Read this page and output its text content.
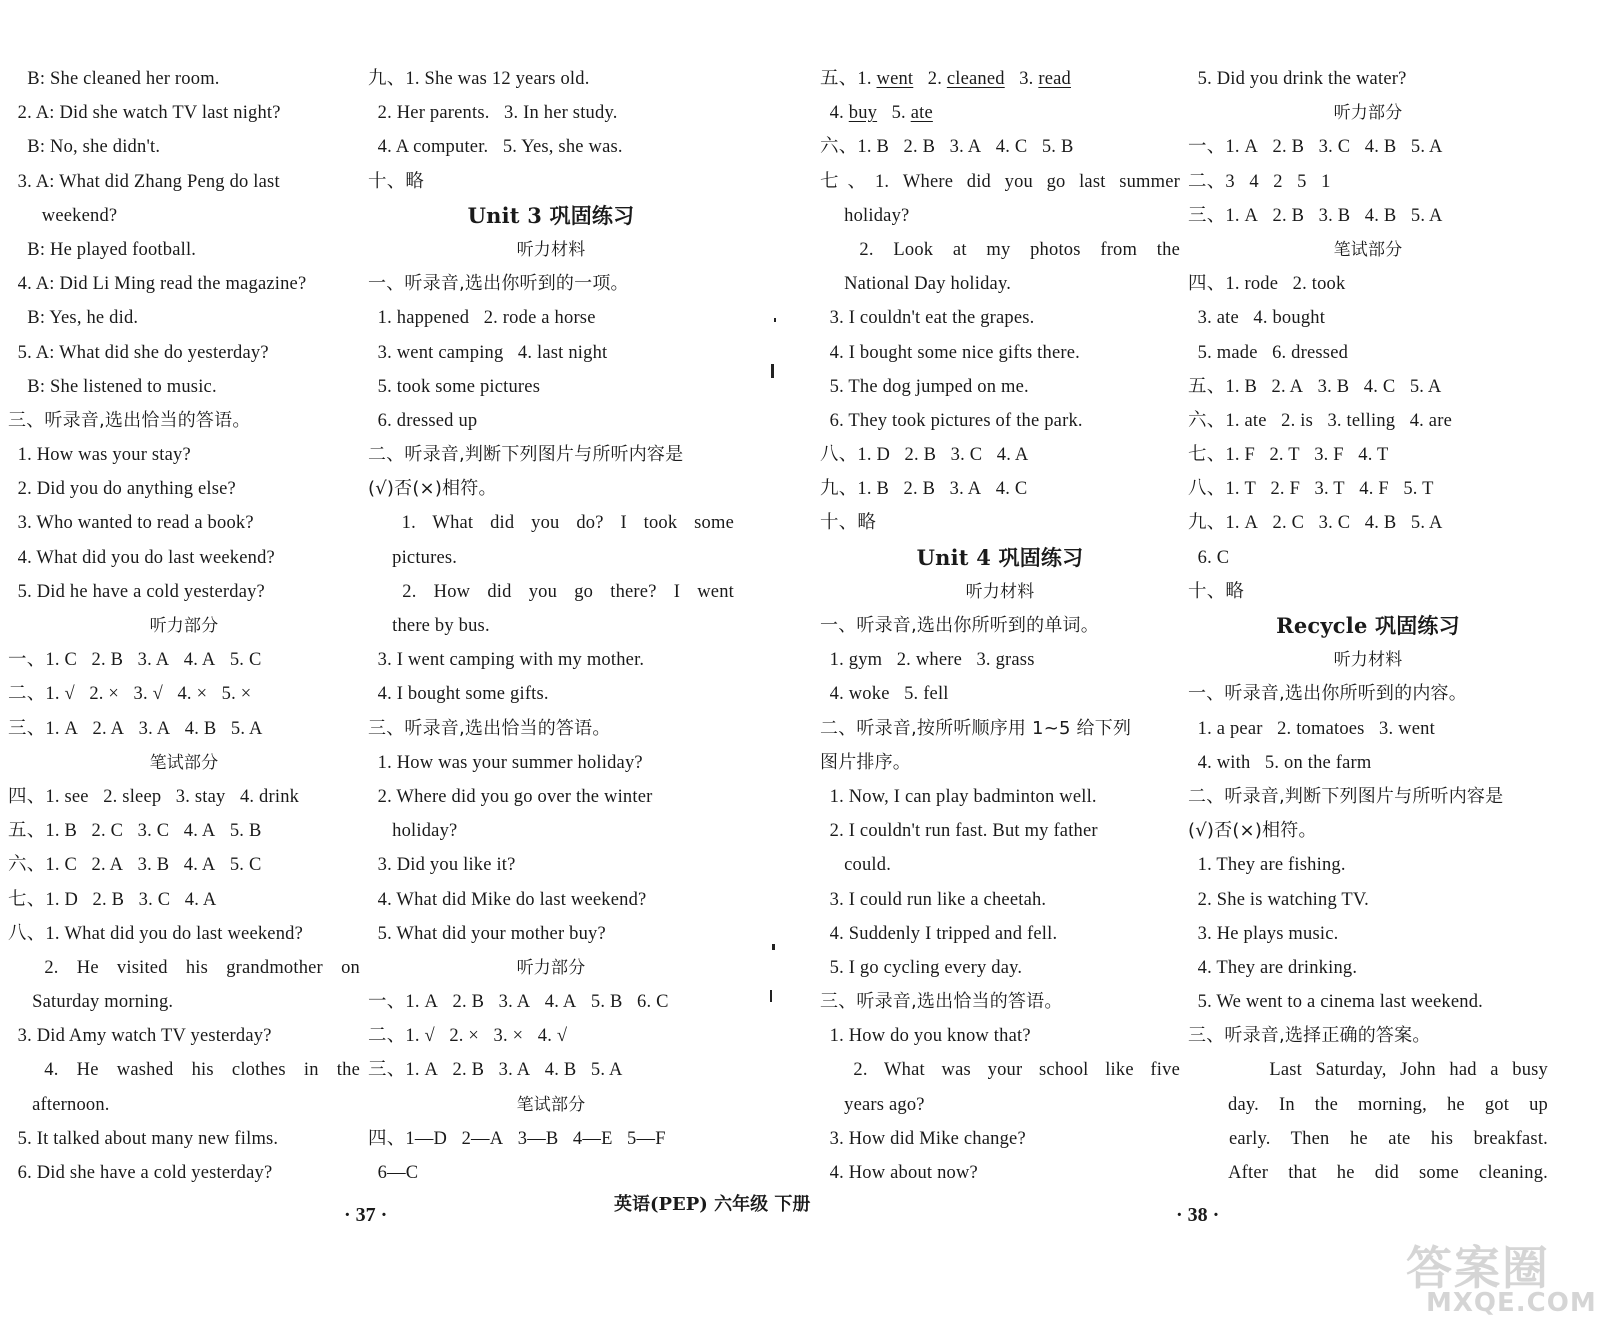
B: She cleaned her room.
2. A: Did she watch TV last night?
B: No, she didn't.
3. A: What did Zhang Peng do last
weekend?
B: He played football.
4. A: Did Li Ming read the magazine?
B: Yes, he did.
5. A: What did she do yesterday?
B: She listened to music.
三、听录音,选出恰当的答语。
1. How was your stay?
2. Did you do anything else?
3. Who wanted to read a book?
4. What did you do last weekend?
5. Did he have a cold yesterday?
听力部分
一、1. C   2. B   3. A   4. A   5. C
二、1. √   2. ×   3. √   4. ×   5. ×
三、1. A   2. A   3. A   4. B   5. A
笔试部分
四、1. see   2. sleep   3. stay   4. drink
五、1. B   2. C   3. C   4. A   5. B
六、1. C   2. A   3. B   4. A   5. C
七、1. D   2. B   3. C   4. A
八、1. What did you do last weekend?
2. He visited his grandmother on
Saturday morning.
3. Did Amy watch TV yesterday?
4. He washed his clothes in the
afternoon.
5. It talked about many new films.
6. Did she have a cold yesterday?
九、1. She was 12 years old.
2. Her parents.   3. In her study.
4. A computer.   5. Yes, she was.
十、略
Unit 3 巩固练习
听力材料
一、听录音,选出你听到的一项。
1. happened   2. rode a horse
3. went camping   4. last night
5. took some pictures
6. dressed up
二、听录音,判断下列图片与所听内容是
(√)否(×)相符。
1. What did you do? I took some
pictures.
2. How did you go there? I went
there by bus.
3. I went camping with my mother.
4. I bought some gifts.
三、听录音,选出恰当的答语。
1. How was your summer holiday?
2. Where did you go over the winter
holiday?
3. Did you like it?
4. What did Mike do last weekend?
5. What did your mother buy?
听力部分
一、1. A   2. B   3. A   4. A   5. B   6. C
二、1. √   2. ×   3. ×   4. √
三、1. A   2. B   3. A   4. B   5. A
笔试部分
四、1—D   2—A   3—B   4—E   5—F
6—C
五、1. went   2. cleaned   3. read
4. buy   5. ate
六、1. B   2. B   3. A   4. C   5. B
七、1. Where did you go last summer
holiday?
2. Look at my photos from the
National Day holiday.
3. I couldn't eat the grapes.
4. I bought some nice gifts there.
5. The dog jumped on me.
6. They took pictures of the park.
八、1. D   2. B   3. C   4. A
九、1. B   2. B   3. A   4. C
十、略
Unit 4 巩固练习
听力材料
一、听录音,选出你所听到的单词。
1. gym   2. where   3. grass
4. woke   5. fell
二、听录音,按所听顺序用 1~5 给下列
图片排序。
1. Now, I can play badminton well.
2. I couldn't run fast. But my father
could.
3. I could run like a cheetah.
4. Suddenly I tripped and fell.
5. I go cycling every day.
三、听录音,选出恰当的答语。
1. How do you know that?
2. What was your school like five
years ago?
3. How did Mike change?
4. How about now?
5. Did you drink the water?
听力部分
一、1. A   2. B   3. C   4. B   5. A
二、3   4   2   5   1
三、1. A   2. B   3. B   4. B   5. A
笔试部分
四、1. rode   2. took
3. ate   4. bought
5. made   6. dressed
五、1. B   2. A   3. B   4. C   5. A
六、1. ate   2. is   3. telling   4. are
七、1. F   2. T   3. F   4. T
八、1. T   2. F   3. T   4. F   5. T
九、1. A   2. C   3. C   4. B   5. A
6. C
十、略
Recycle 巩固练习
听力材料
一、听录音,选出你所听到的内容。
1. a pear   2. tomatoes   3. went
4. with   5. on the farm
二、听录音,判断下列图片与所听内容是
(√)否(×)相符。
1. They are fishing.
2. She is watching TV.
3. He plays music.
4. They are drinking.
5. We went to a cinema last weekend.
三、听录音,选择正确的答案。
Last Saturday, John had a busy
day. In the morning, he got up
early. Then he ate his breakfast.
After that he did some cleaning.
· 37 ·	英语(PEP) 六年级 下册	· 38 ·
答案圈
MXQE.COM
